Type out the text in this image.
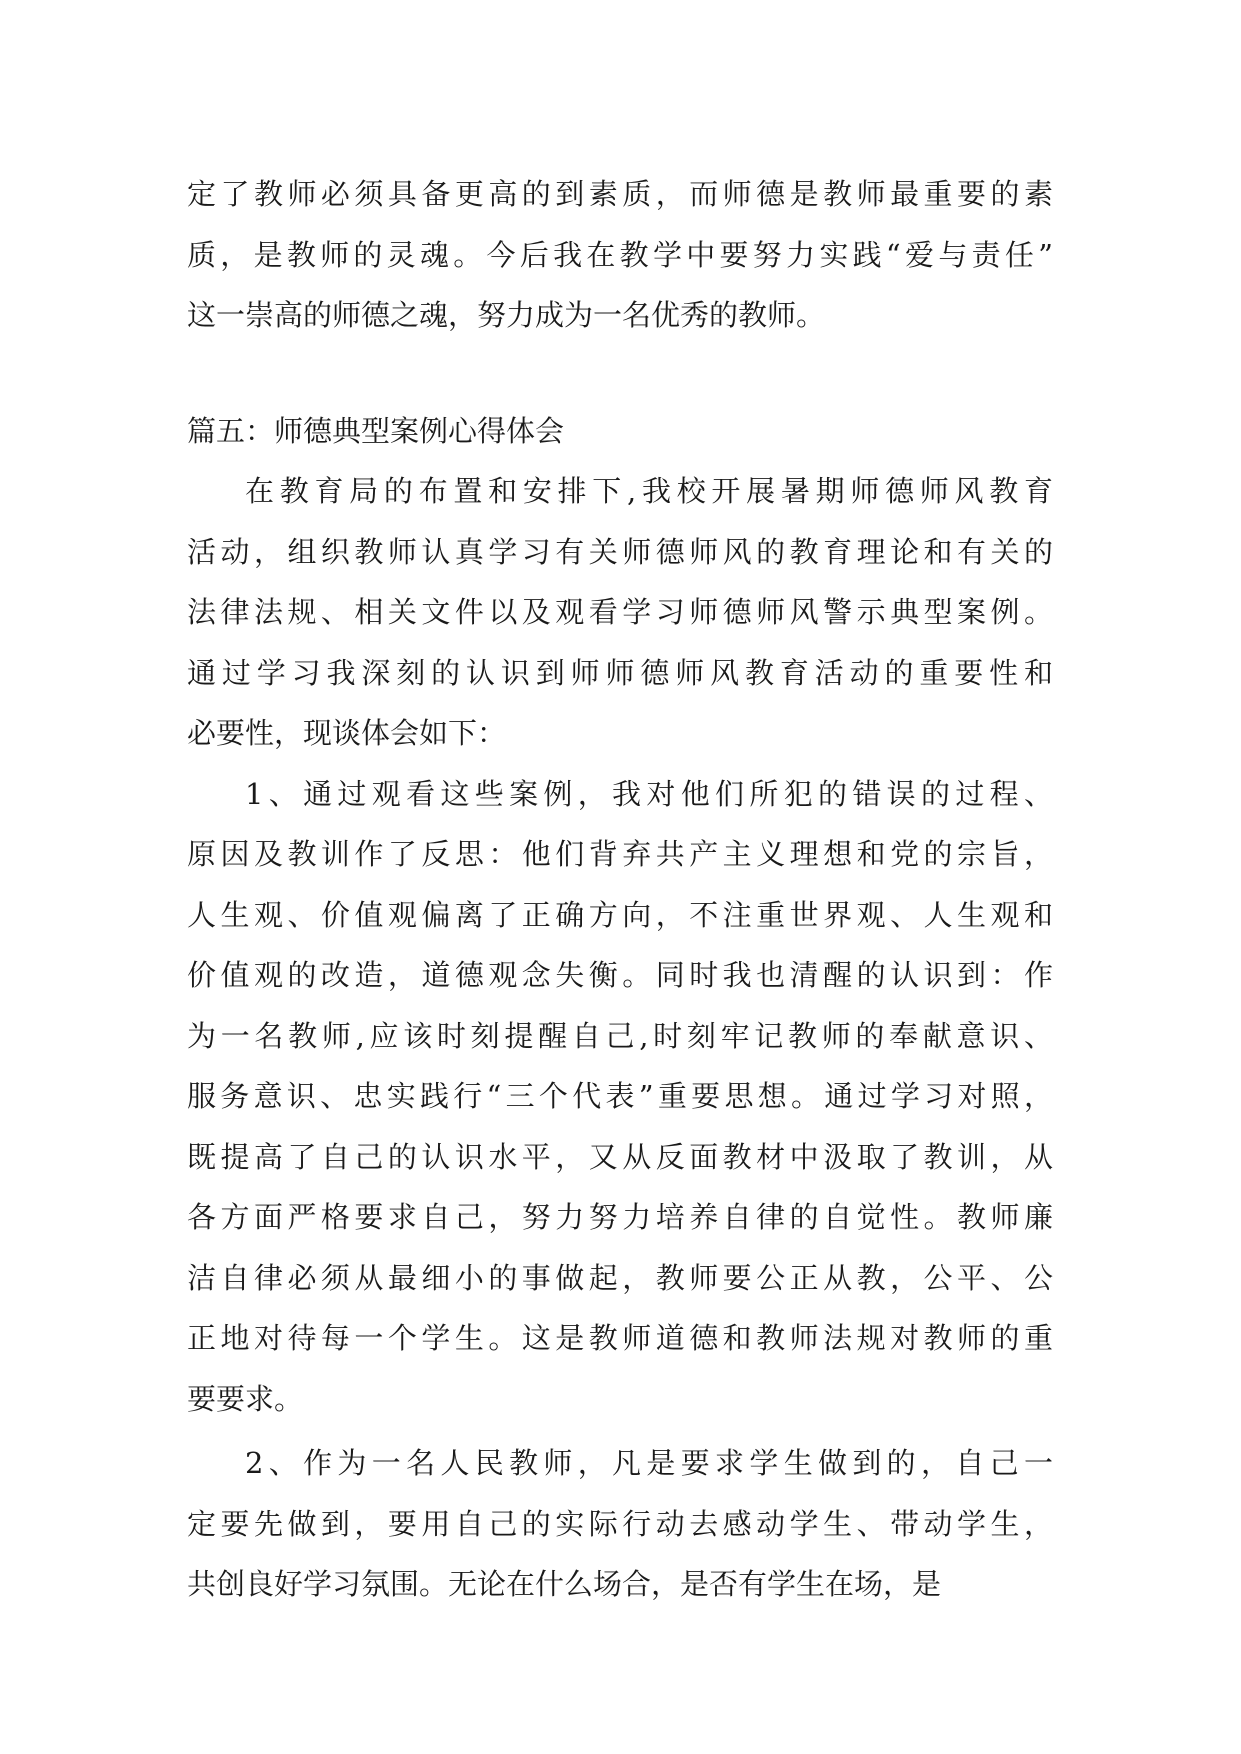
定了教师必须具备更高的到素质，而师德是教师最重要的素
质，是教师的灵魂。今后我在教学中要努力实践“爱与责任”
这一崇高的师德之魂，努力成为一名优秀的教师。
篇五：师德典型案例心得体会
在教育局的布置和安排下,我校开展暑期师德师风教育
活动，组织教师认真学习有关师德师风的教育理论和有关的
法律法规、相关文件以及观看学习师德师风警示典型案例。
通过学习我深刻的认识到师师德师风教育活动的重要性和
必要性，现谈体会如下：
1、通过观看这些案例，我对他们所犯的错误的过程、
原因及教训作了反思：他们背弃共产主义理想和党的宗旨，
人生观、价值观偏离了正确方向，不注重世界观、人生观和
价值观的改造，道德观念失衡。同时我也清醒的认识到：作
为一名教师,应该时刻提醒自己,时刻牢记教师的奉献意识、
服务意识、忠实践行“三个代表”重要思想。通过学习对照，
既提高了自己的认识水平，又从反面教材中汲取了教训，从
各方面严格要求自己，努力努力培养自律的自觉性。教师廉
洁自律必须从最细小的事做起，教师要公正从教，公平、公
正地对待每一个学生。这是教师道德和教师法规对教师的重
要要求。
2、作为一名人民教师，凡是要求学生做到的，自己一
定要先做到，要用自己的实际行动去感动学生、带动学生，
共创良好学习氛围。无论在什么场合，是否有学生在场，是
